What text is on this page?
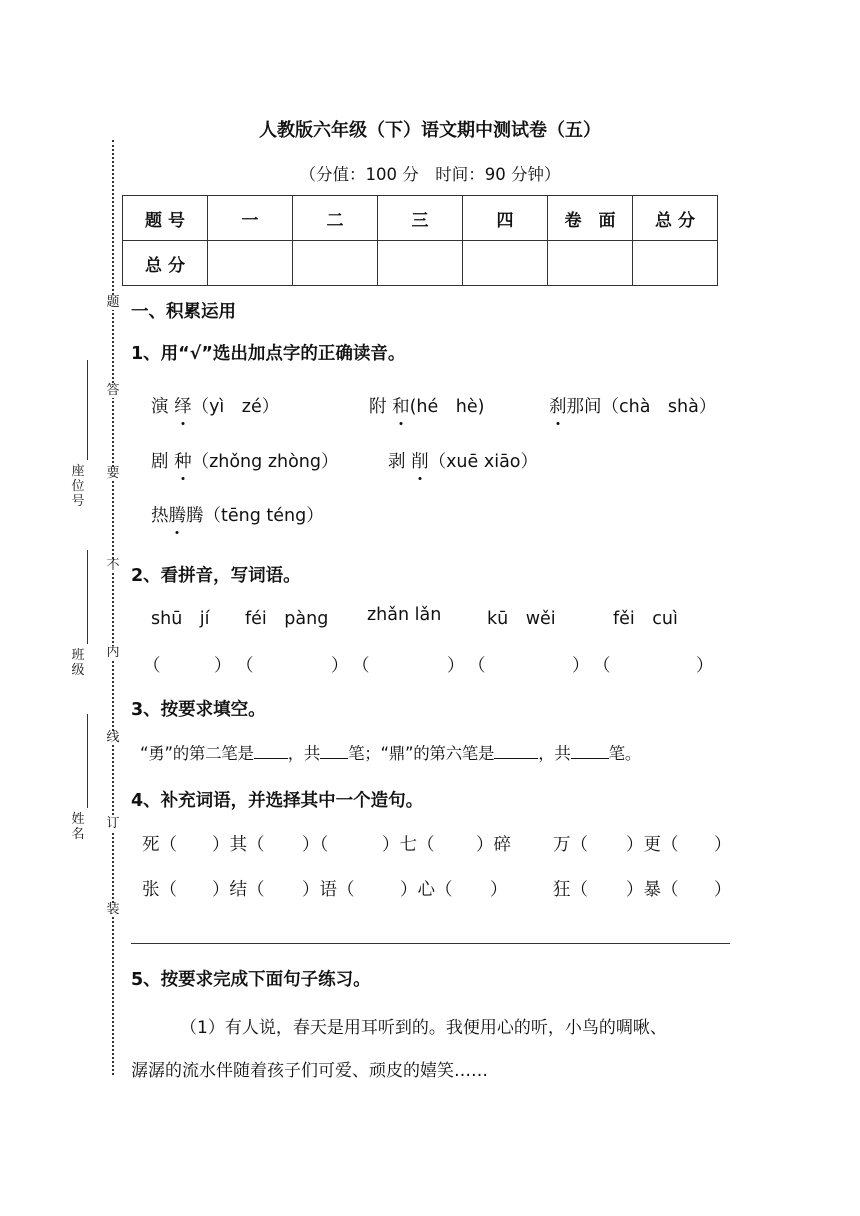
人教版六年级（下）语文期中测试卷（五）
（分值：100 分　时间：90 分钟）
题 号	一	二	三	四	卷　面	总 分
总 分						
题
答
要
不
内
线
订
装
座位号
班级
姓名
一、积累运用
1、用“√”选出加点字的正确读音。
演 绎（yì　zé）	附 和(hé　hè)	刹那间（chà　shà）
剧 种（zhǒng zhòng）	剥 削（xuē xiāo）
热腾腾（tēng téng）
2、看拼音，写词语。
shū　jí féi　pàng zhǎn lǎn	kū　wěi	fěi　cuì
（	） （	） （	） （	） （	）
3、按要求填空。
“勇”的第二笔是 ，共 笔；“鼎”的第六笔是	，共 笔。
4、补充词语，并选择其中一个造句。
死（ ）其（ ）（	）七（ ）碎 万（ ）更（ ）
张（ ）结（ ）语（	）心（ ）	狂（ ）暴（ ）
5、按要求完成下面句子练习。
（1）有人说，春天是用耳听到的。我便用心的听，小鸟的啁啾、
潺潺的流水伴随着孩子们可爱、顽皮的嬉笑……
